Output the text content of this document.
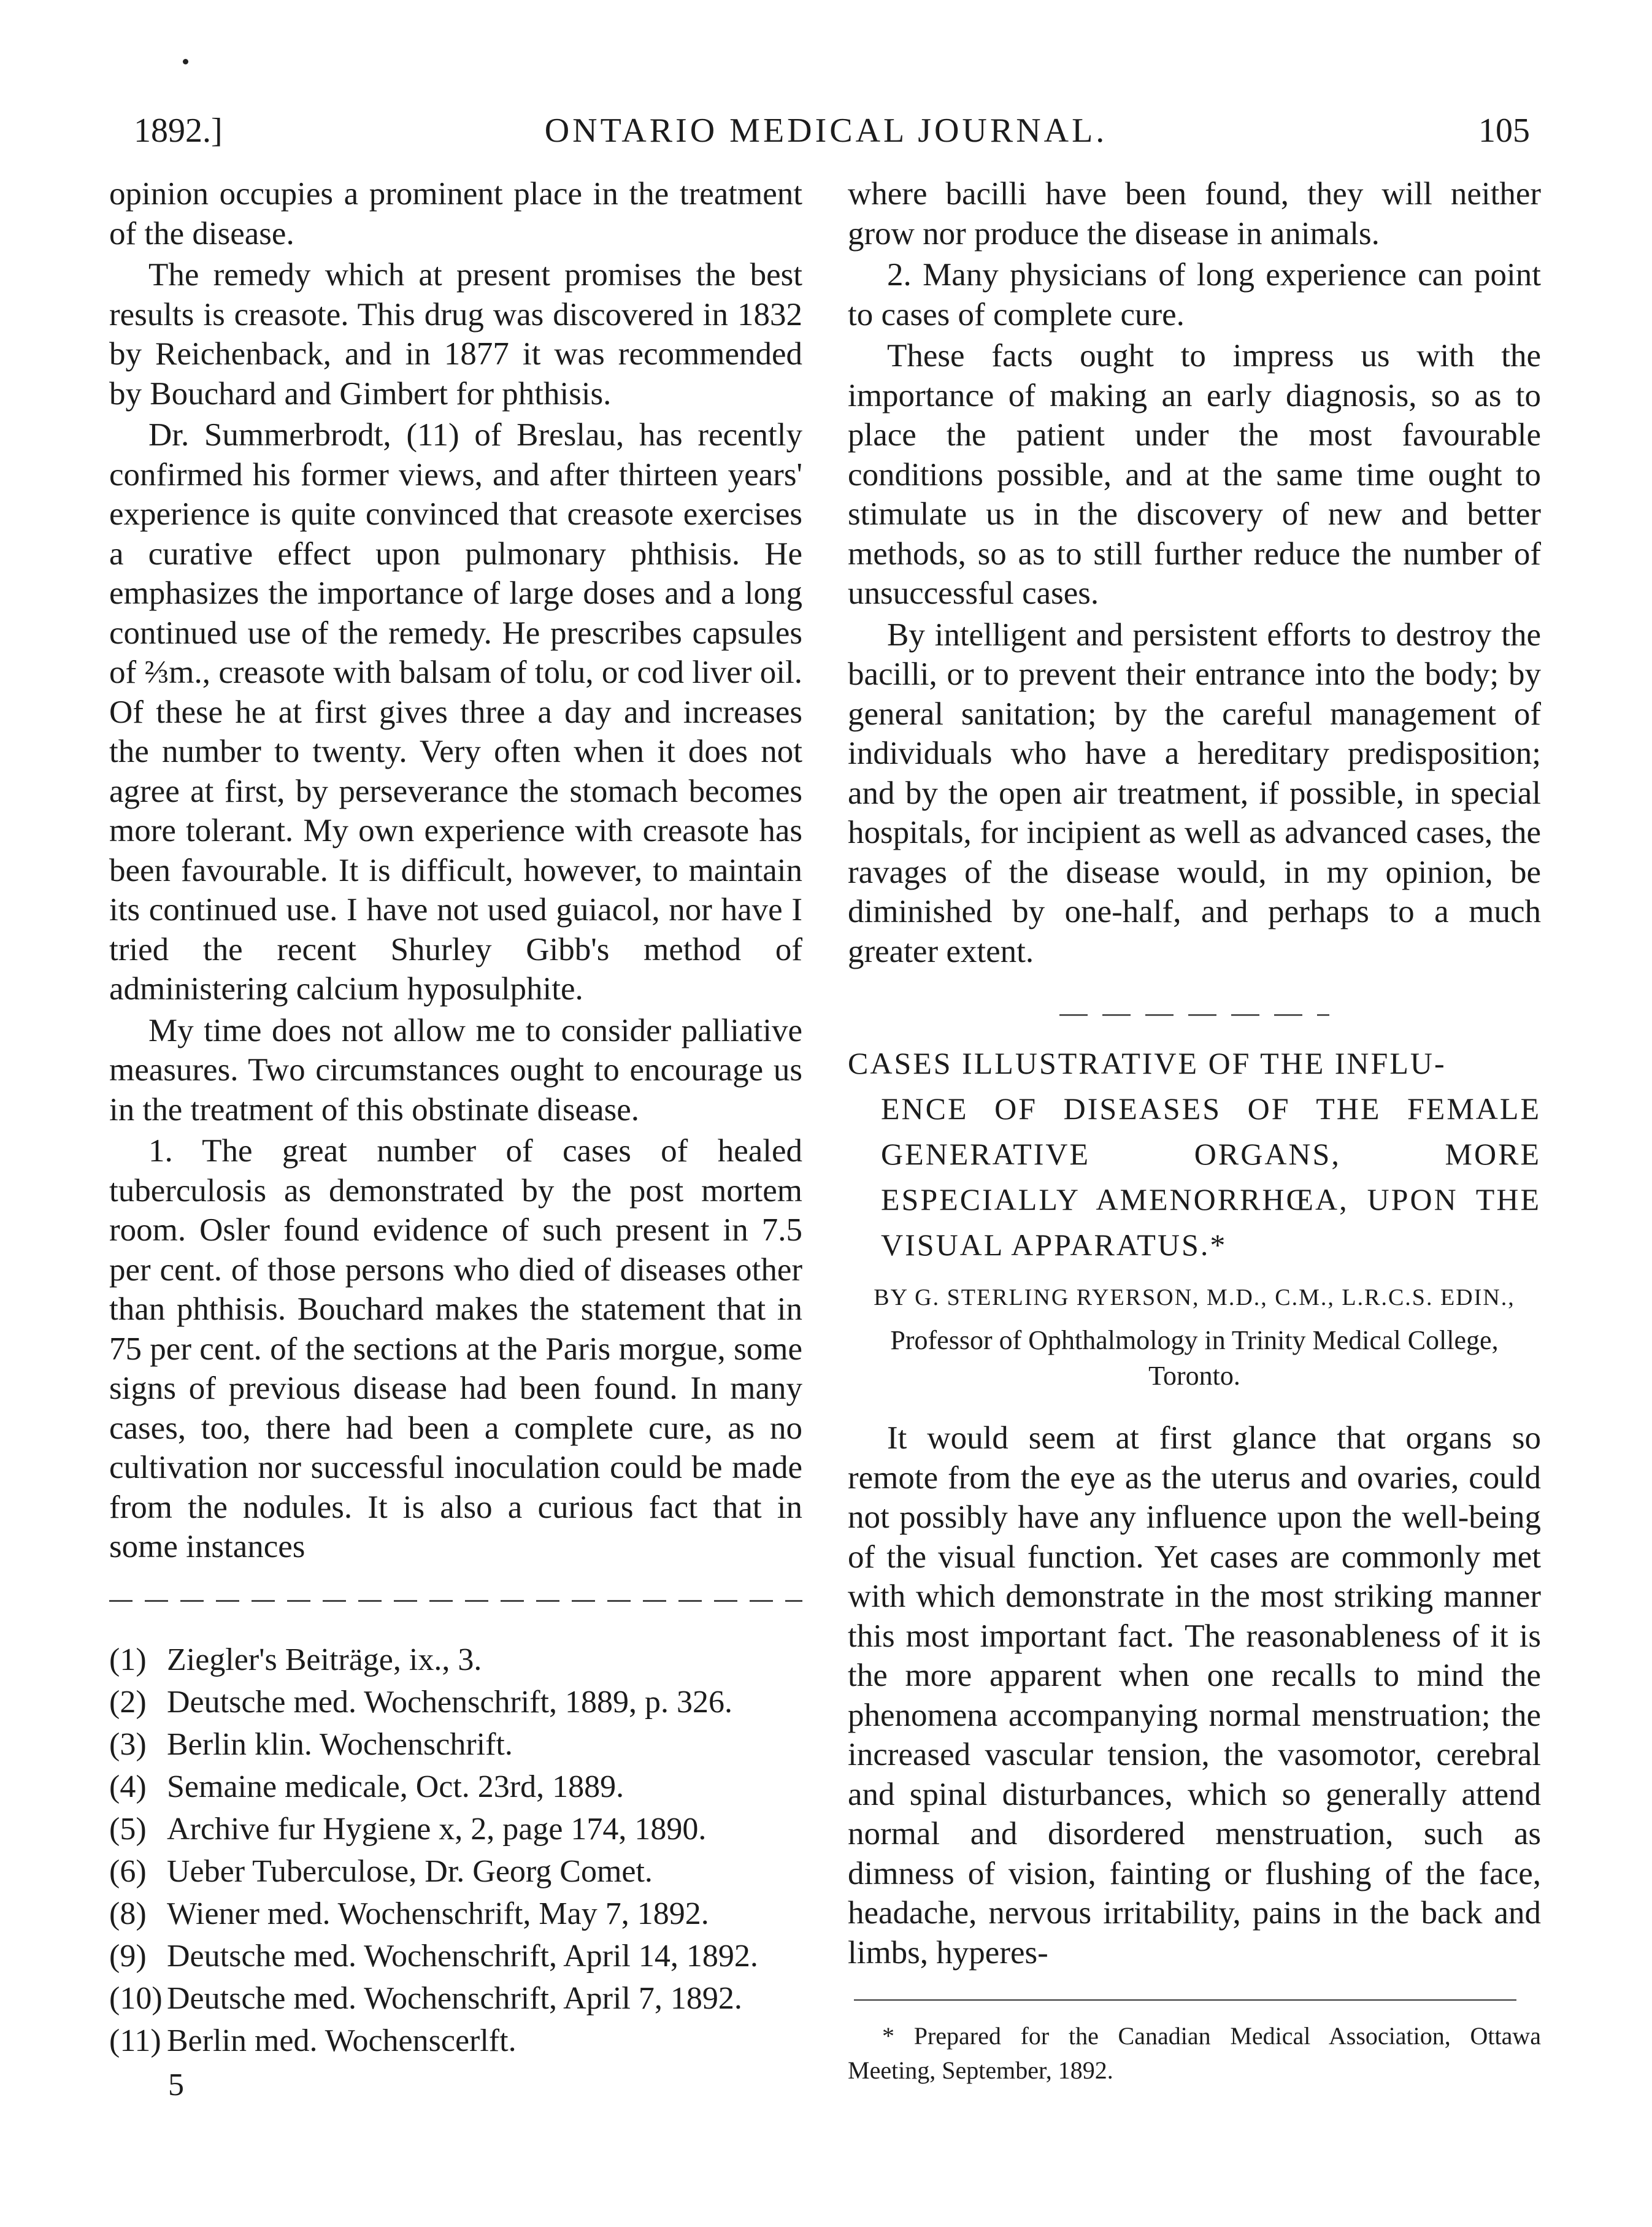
1892.]	ONTARIO MEDICAL JOURNAL.	105

opinion occupies a prominent place in the treatment of the disease.

The remedy which at present promises the best results is creasote. This drug was discovered in 1832 by Reichenback, and in 1877 it was recommended by Bouchard and Gimbert for phthisis.

Dr. Summerbrodt, (11) of Breslau, has recently confirmed his former views, and after thirteen years' experience is quite convinced that creasote exercises a curative effect upon pulmonary phthisis. He emphasizes the importance of large doses and a long continued use of the remedy. He prescribes capsules of ⅔m., creasote with balsam of tolu, or cod liver oil. Of these he at first gives three a day and increases the number to twenty. Very often when it does not agree at first, by perseverance the stomach becomes more tolerant. My own experience with creasote has been favourable. It is difficult, however, to maintain its continued use. I have not used guiacol, nor have I tried the recent Shurley Gibb's method of administering calcium hyposulphite.

My time does not allow me to consider palliative measures. Two circumstances ought to encourage us in the treatment of this obstinate disease.

1. The great number of cases of healed tuberculosis as demonstrated by the post mortem room. Osler found evidence of such present in 7.5 per cent. of those persons who died of diseases other than phthisis. Bouchard makes the statement that in 75 per cent. of the sections at the Paris morgue, some signs of previous disease had been found. In many cases, too, there had been a complete cure, as no cultivation nor successful inoculation could be made from the nodules. It is also a curious fact that in some instances

(1) Ziegler's Beiträge, ix., 3.
(2) Deutsche med. Wochenschrift, 1889, p. 326.
(3) Berlin klin. Wochenschrift.
(4) Semaine medicale, Oct. 23rd, 1889.
(5) Archive fur Hygiene x, 2, page 174, 1890.
(6) Ueber Tuberculose, Dr. Georg Comet.
(8) Wiener med. Wochenschrift, May 7, 1892.
(9) Deutsche med. Wochenschrift, April 14, 1892.
(10) Deutsche med. Wochenschrift, April 7, 1892.
(11) Berlin med. Wochenscerlft.
5

where bacilli have been found, they will neither grow nor produce the disease in animals.

2. Many physicians of long experience can point to cases of complete cure.

These facts ought to impress us with the importance of making an early diagnosis, so as to place the patient under the most favourable conditions possible, and at the same time ought to stimulate us in the discovery of new and better methods, so as to still further reduce the number of unsuccessful cases.

By intelligent and persistent efforts to destroy the bacilli, or to prevent their entrance into the body; by general sanitation; by the careful management of individuals who have a hereditary predisposition; and by the open air treatment, if possible, in special hospitals, for incipient as well as advanced cases, the ravages of the disease would, in my opinion, be diminished by one-half, and perhaps to a much greater extent.

CASES ILLUSTRATIVE OF THE INFLU-
ENCE OF DISEASES OF THE FEMALE GENERATIVE ORGANS, MORE ESPECIALLY AMENORRHŒA, UPON THE VISUAL APPARATUS.*

BY G. STERLING RYERSON, M.D., C.M., L.R.C.S. EDIN.,

Professor of Ophthalmology in Trinity Medical College,
Toronto.

It would seem at first glance that organs so remote from the eye as the uterus and ovaries, could not possibly have any influence upon the well-being of the visual function. Yet cases are commonly met with which demonstrate in the most striking manner this most important fact. The reasonableness of it is the more apparent when one recalls to mind the phenomena accompanying normal menstruation; the increased vascular tension, the vasomotor, cerebral and spinal disturbances, which so generally attend normal and disordered menstruation, such as dimness of vision, fainting or flushing of the face, headache, nervous irritability, pains in the back and limbs, hyperes-

* Prepared for the Canadian Medical Association, Ottawa Meeting, September, 1892.
